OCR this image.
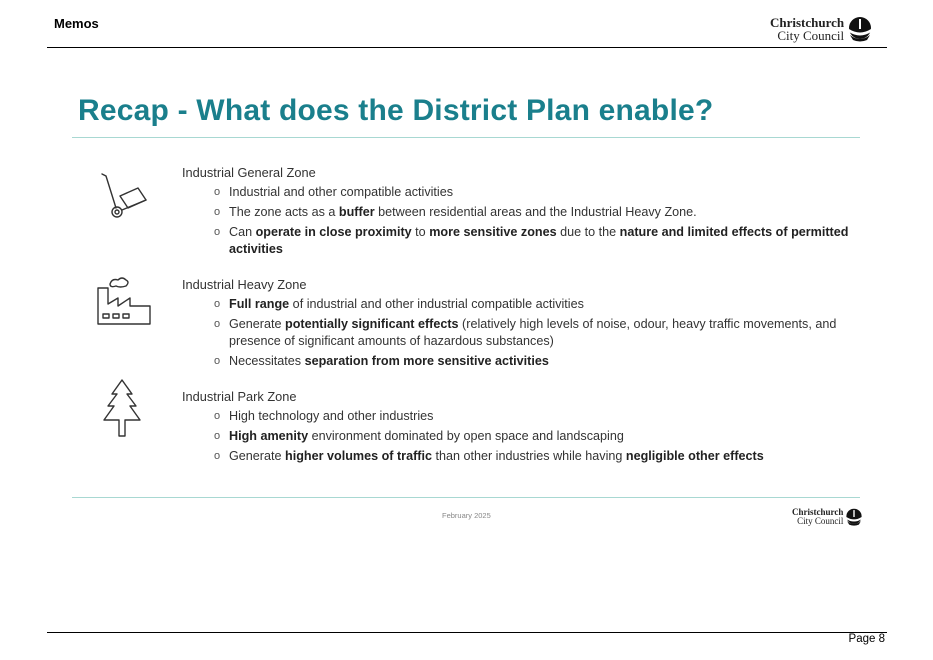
Memos	Christchurch
City Council
Recap - What does the District Plan enable?
Industrial General Zone
o Industrial and other compatible activities
o The zone acts as a buffer between residential areas and the Industrial Heavy Zone.
o Can operate in close proximity to more sensitive zones due to the nature and limited effects of permitted activities
Industrial Heavy Zone
o Full range of industrial and other industrial compatible activities
o Generate potentially significant effects (relatively high levels of noise, odour, heavy traffic movements, and presence of significant amounts of hazardous substances)
o Necessitates separation from more sensitive activities
Industrial Park Zone
o High technology and other industries
o High amenity environment dominated by open space and landscaping
o Generate higher volumes of traffic than other industries while having negligible other effects
February 2025	Christchurch
City Council
Page 8
